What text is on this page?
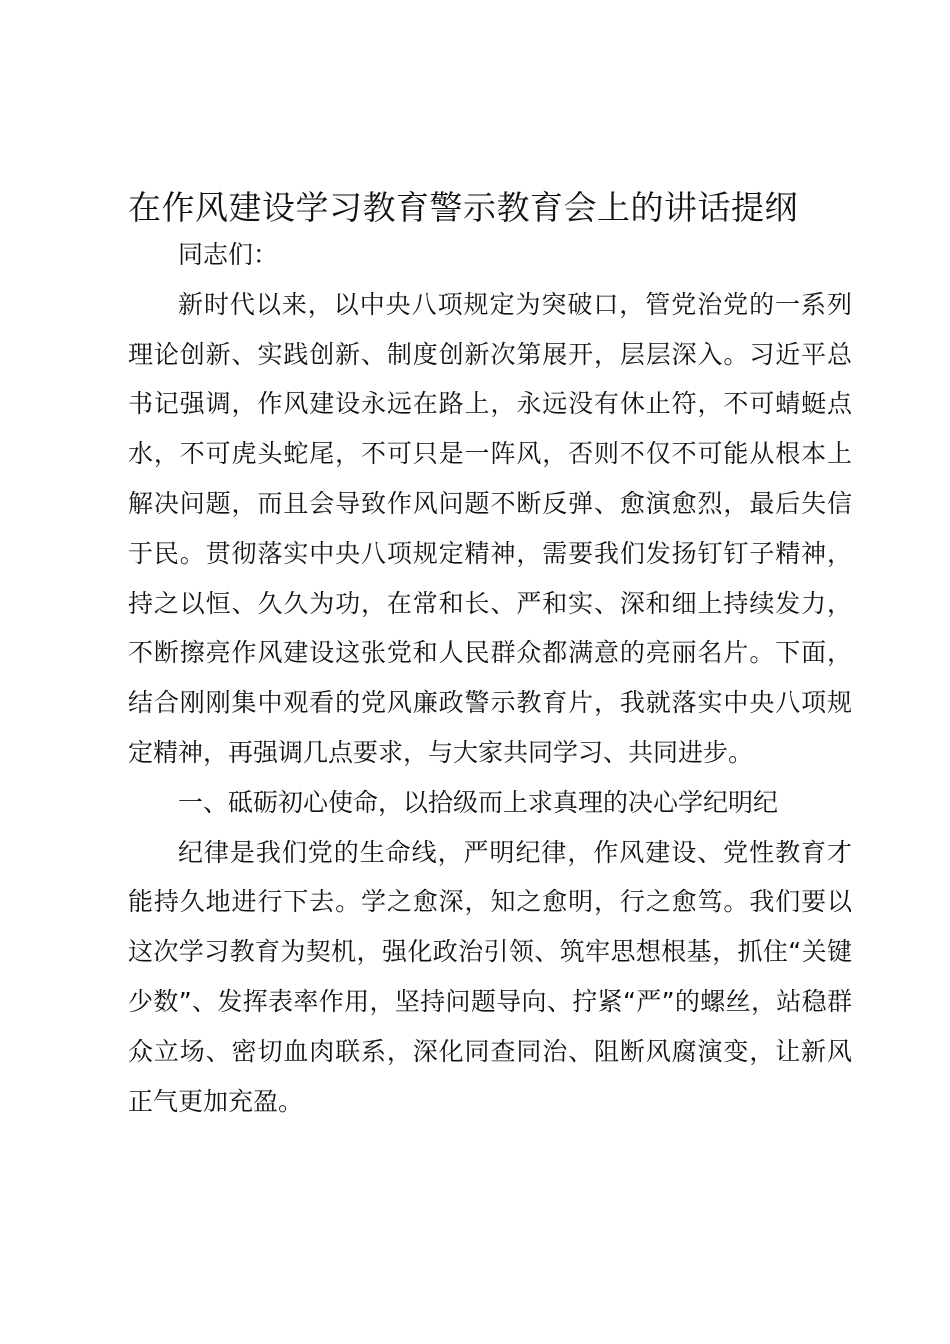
在作风建设学习教育警示教育会上的讲话提纲

同志们：

新时代以来，以中央八项规定为突破口，管党治党的一系列理论创新、实践创新、制度创新次第展开，层层深入。习近平总书记强调，作风建设永远在路上，永远没有休止符，不可蜻蜓点水，不可虎头蛇尾，不可只是一阵风，否则不仅不可能从根本上解决问题，而且会导致作风问题不断反弹、愈演愈烈，最后失信于民。贯彻落实中央八项规定精神，需要我们发扬钉钉子精神，持之以恒、久久为功，在常和长、严和实、深和细上持续发力，不断擦亮作风建设这张党和人民群众都满意的亮丽名片。下面，结合刚刚集中观看的党风廉政警示教育片，我就落实中央八项规定精神，再强调几点要求，与大家共同学习、共同进步。

一、砥砺初心使命，以拾级而上求真理的决心学纪明纪

纪律是我们党的生命线，严明纪律，作风建设、党性教育才能持久地进行下去。学之愈深，知之愈明，行之愈笃。我们要以这次学习教育为契机，强化政治引领、筑牢思想根基，抓住“关键少数”、发挥表率作用，坚持问题导向、拧紧“严”的螺丝，站稳群众立场、密切血肉联系，深化同查同治、阻断风腐演变，让新风正气更加充盈。
